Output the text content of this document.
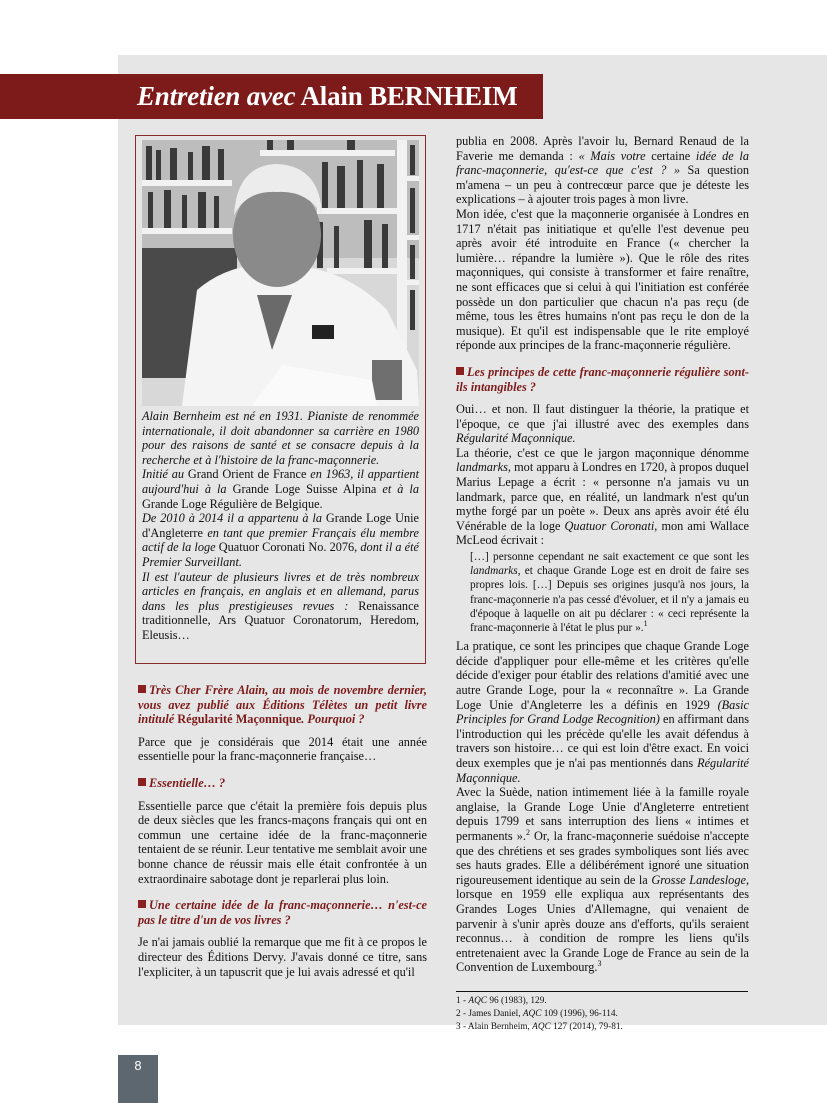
Entretien avec Alain BERNHEIM

Alain Bernheim est né en 1931. Pianiste de renommée internationale, il doit abandonner sa carrière en 1980 pour des raisons de santé et se consacre depuis à la recherche et à l'histoire de la franc-maçonnerie.

Initié au Grand Orient de France en 1963, il appartient aujourd'hui à la Grande Loge Suisse Alpina et à la Grande Loge Régulière de Belgique.

De 2010 à 2014 il a appartenu à la Grande Loge Unie d'Angleterre en tant que premier Français élu membre actif de la loge Quatuor Coronati No. 2076, dont il a été Premier Surveillant.

Il est l'auteur de plusieurs livres et de très nombreux articles en français, en anglais et en allemand, parus dans les plus prestigieuses revues : Renaissance traditionnelle, Ars Quatuor Coronatorum, Heredom, Eleusis…

Très Cher Frère Alain, au mois de novembre dernier, vous avez publié aux Éditions Télètes un petit livre intitulé Régularité Maçonnique. Pourquoi ?

Parce que je considérais que 2014 était une année essentielle pour la franc-maçonnerie française…

Essentielle… ?

Essentielle parce que c'était la première fois depuis plus de deux siècles que les francs-maçons français qui ont en commun une certaine idée de la franc-maçonnerie tentaient de se réunir. Leur tentative me semblait avoir une bonne chance de réussir mais elle était confrontée à un extraordinaire sabotage dont je reparlerai plus loin.

Une certaine idée de la franc-maçonnerie… n'est-ce pas le titre d'un de vos livres ?

Je n'ai jamais oublié la remarque que me fit à ce propos le directeur des Éditions Dervy. J'avais donné ce titre, sans l'expliciter, à un tapuscrit que je lui avais adressé et qu'il

publia en 2008. Après l'avoir lu, Bernard Renaud de la Faverie me demanda : « Mais votre certaine idée de la franc-maçonnerie, qu'est-ce que c'est ? » Sa question m'amena – un peu à contrecœur parce que je déteste les explications – à ajouter trois pages à mon livre.

Mon idée, c'est que la maçonnerie organisée à Londres en 1717 n'était pas initiatique et qu'elle l'est devenue peu après avoir été introduite en France (« chercher la lumière… répandre la lumière »). Que le rôle des rites maçonniques, qui consiste à transformer et faire renaître, ne sont efficaces que si celui à qui l'initiation est conférée possède un don particulier que chacun n'a pas reçu (de même, tous les êtres humains n'ont pas reçu le don de la musique). Et qu'il est indispensable que le rite employé réponde aux principes de la franc-maçonnerie régulière.

Les principes de cette franc-maçonnerie régulière sont-ils intangibles ?

Oui… et non. Il faut distinguer la théorie, la pratique et l'époque, ce que j'ai illustré avec des exemples dans Régularité Maçonnique.

La théorie, c'est ce que le jargon maçonnique dénomme landmarks, mot apparu à Londres en 1720, à propos duquel Marius Lepage a écrit : « personne n'a jamais vu un landmark, parce que, en réalité, un landmark n'est qu'un mythe forgé par un poète ». Deux ans après avoir été élu Vénérable de la loge Quatuor Coronati, mon ami Wallace McLeod écrivait :

[…] personne cependant ne sait exactement ce que sont les landmarks, et chaque Grande Loge est en droit de faire ses propres lois. […] Depuis ses origines jusqu'à nos jours, la franc-maçonnerie n'a pas cessé d'évoluer, et il n'y a jamais eu d'époque à laquelle on ait pu déclarer : « ceci représente la franc-maçonnerie à l'état le plus pur ».$^1$

La pratique, ce sont les principes que chaque Grande Loge décide d'appliquer pour elle-même et les critères qu'elle décide d'exiger pour établir des relations d'amitié avec une autre Grande Loge, pour la « reconnaître ». La Grande Loge Unie d'Angleterre les a définis en 1929 (Basic Principles for Grand Lodge Recognition) en affirmant dans l'introduction qui les précède qu'elle les avait défendus à travers son histoire… ce qui est loin d'être exact. En voici deux exemples que je n'ai pas mentionnés dans Régularité Maçonnique.

Avec la Suède, nation intimement liée à la famille royale anglaise, la Grande Loge Unie d'Angleterre entretient depuis 1799 et sans interruption des liens « intimes et permanents ».$^2$ Or, la franc-maçonnerie suédoise n'accepte que des chrétiens et ses grades symboliques sont liés avec ses hauts grades. Elle a délibérément ignoré une situation rigoureusement identique au sein de la Grosse Landesloge, lorsque en 1959 elle expliqua aux représentants des Grandes Loges Unies d'Allemagne, qui venaient de parvenir à s'unir après douze ans d'efforts, qu'ils seraient reconnus… à condition de rompre les liens qu'ils entretenaient avec la Grande Loge de France au sein de la Convention de Luxembourg.$^3$

1 - AQC 96 (1983), 129.
2 - James Daniel, AQC 109 (1996), 96-114.
3 - Alain Bernheim, AQC 127 (2014), 79-81.
8
